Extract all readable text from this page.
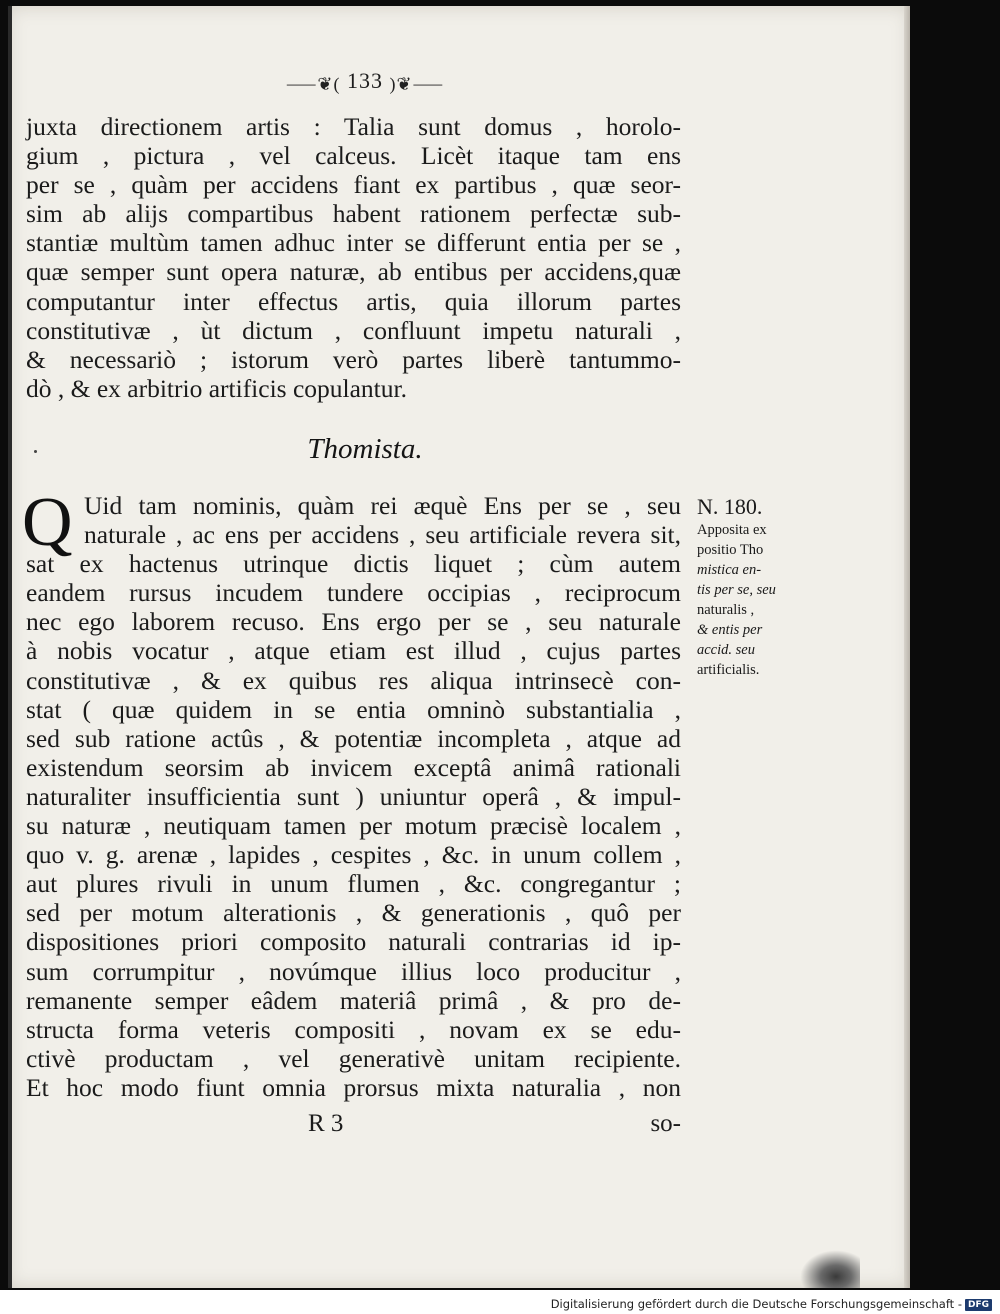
⸺❦( 133 )❦⸺
juxta directionem artis : Talia sunt domus , horolo-
gium , pictura , vel calceus. Licèt itaque tam ens
per se , quàm per accidens fiant ex partibus , quæ seor-
sim ab alijs compartibus habent rationem perfectæ sub-
stantiæ multùm tamen adhuc inter se differunt entia per se ,
quæ semper sunt opera naturæ, ab entibus per accidens,quæ
computantur inter effectus artis, quia illorum partes
constitutivæ , ùt dictum , confluunt impetu naturali ,
& necessariò ; istorum verò partes liberè tantummo-
dò , & ex arbitrio artificis copulantur.
Thomista.
Uid tam nominis, quàm rei æquè Ens per se , seu
naturale , ac ens per accidens , seu artificiale revera sit,
sat ex hactenus utrinque dictis liquet ; cùm autem
eandem rursus incudem tundere occipias , reciprocum
nec ego laborem recuso. Ens ergo per se , seu naturale
à nobis vocatur , atque etiam est illud , cujus partes
constitutivæ , & ex quibus res aliqua intrinsecè con-
stat ( quæ quidem in se entia omninò substantialia ,
sed sub ratione actûs , & potentiæ incompleta , atque ad
existendum seorsim ab invicem exceptâ animâ rationali
naturaliter insufficientia sunt ) uniuntur operâ , & impul-
su naturæ , neutiquam tamen per motum præcisè localem ,
quo v. g. arenæ , lapides , cespites , &c. in unum collem ,
aut plures rivuli in unum flumen , &c. congregantur ;
sed per motum alterationis , & generationis , quô per
dispositiones priori composito naturali contrarias id ip-
sum corrumpitur , novúmque illius loco producitur ,
remanente semper eâdem materiâ primâ , & pro de-
structa forma veteris compositi , novam ex se edu-
ctivè productam , vel generativè unitam recipiente.
Et hoc modo fiunt omnia prorsus mixta naturalia , non
Q	N. 180.
Apposita ex
positio Tho
mistica en-
tis per se, seu
naturalis ,
& entis per
accid. seu
artificialis.
R 3	so-
Digitalisierung gefördert durch die Deutsche Forschungsgemeinschaft - DFG
